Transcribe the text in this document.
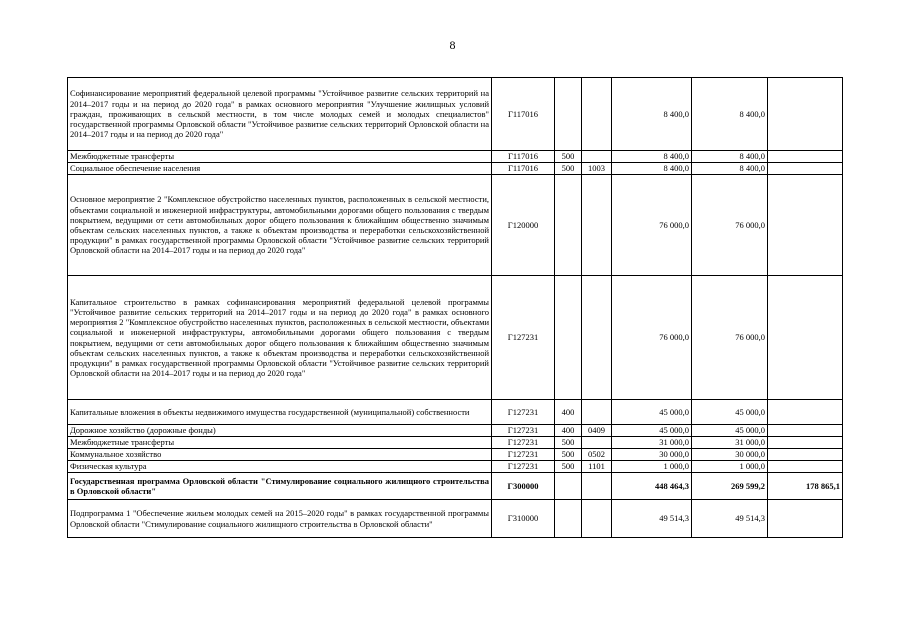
8
Софинансирование мероприятий федеральной целевой программы "Устойчивое развитие сельских территорий на 2014–2017 годы и на период до 2020 года" в рамках основного мероприятия "Улучшение жилищных условий граждан, проживающих в сельской местности, в том числе молодых семей и молодых специалистов" государственной программы Орловской области "Устойчивое развитие сельских территорий Орловской области на 2014–2017 годы и на период до 2020 года"	Г117016			8 400,0	8 400,0	
Межбюджетные трансферты	Г117016	500		8 400,0	8 400,0	
Социальное обеспечение населения	Г117016	500	1003	8 400,0	8 400,0	
Основное мероприятие 2 "Комплексное обустройство населенных пунктов, расположенных в сельской местности, объектами социальной и инженерной инфраструктуры, автомобильными дорогами общего пользования с твердым покрытием, ведущими от сети автомобильных дорог общего пользования к ближайшим общественно значимым объектам сельских населенных пунктов, а также к объектам производства и переработки сельскохозяйственной продукции" в рамках государственной программы Орловской области "Устойчивое развитие сельских территорий Орловской области на 2014–2017 годы и на период до 2020 года"	Г120000			76 000,0	76 000,0	
Капитальное строительство в рамках софинансирования мероприятий федеральной целевой программы "Устойчивое развитие сельских территорий на 2014–2017 годы и на период до 2020 года" в рамках основного мероприятия 2 "Комплексное обустройство населенных пунктов, расположенных в сельской местности, объектами социальной и инженерной инфраструктуры, автомобильными дорогами общего пользования с твердым покрытием, ведущими от сети автомобильных дорог общего пользования к ближайшим общественно значимым объектам сельских населенных пунктов, а также к объектам производства и переработки сельскохозяйственной продукции" в рамках государственной программы Орловской области "Устойчивое развитие сельских территорий Орловской области на 2014–2017 годы и на период до 2020 года"	Г127231			76 000,0	76 000,0	
Капитальные вложения в объекты недвижимого имущества государственной (муниципальной) собственности	Г127231	400		45 000,0	45 000,0	
Дорожное хозяйство (дорожные фонды)	Г127231	400	0409	45 000,0	45 000,0	
Межбюджетные трансферты	Г127231	500		31 000,0	31 000,0	
Коммунальное хозяйство	Г127231	500	0502	30 000,0	30 000,0	
Физическая культура	Г127231	500	1101	1 000,0	1 000,0	
Государственная программа Орловской области "Стимулирование социального жилищного строительства в Орловской области"	Г300000			448 464,3	269 599,2	178 865,1
Подпрограмма 1 "Обеспечение жильем молодых семей на 2015–2020 годы" в рамках государственной программы Орловской области "Стимулирование социального жилищного строительства в Орловской области"	Г310000			49 514,3	49 514,3	
